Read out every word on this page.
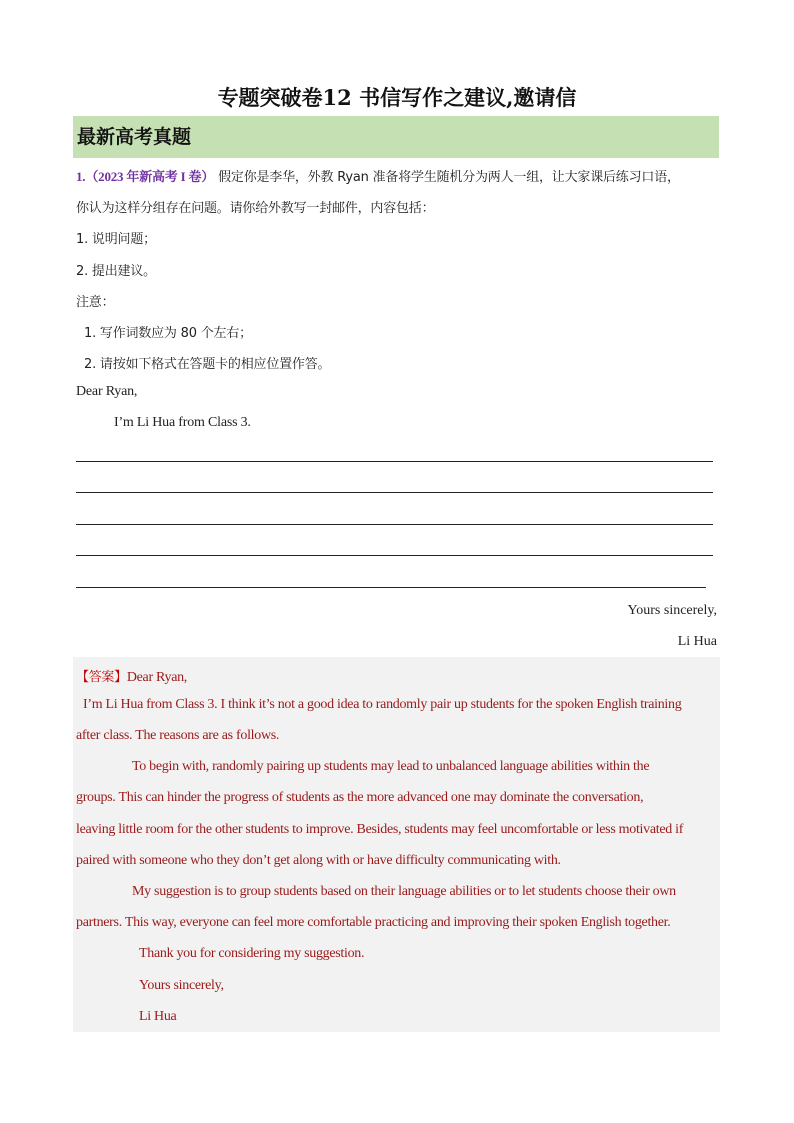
专题突破卷12 书信写作之建议,邀请信
最新高考真题
1.（2023 年新高考 I 卷） 假定你是李华，外教 Ryan 准备将学生随机分为两人一组，让大家课后练习口语，
你认为这样分组存在问题。请你给外教写一封邮件，内容包括：
1. 说明问题；
2. 提出建议。
注意：
1. 写作词数应为 80 个左右；
2. 请按如下格式在答题卡的相应位置作答。
Dear Ryan,
I’m Li Hua from Class 3.
Yours sincerely,
Li Hua
【答案】Dear Ryan,
I’m Li Hua from Class 3. I think it’s not a good idea to randomly pair up students for the spoken English training
after class. The reasons are as follows.
To begin with, randomly pairing up students may lead to unbalanced language abilities within the
groups. This can hinder the progress of students as the more advanced one may dominate the conversation,
leaving little room for the other students to improve. Besides, students may feel uncomfortable or less motivated if
paired with someone who they don’t get along with or have difficulty communicating with.
My suggestion is to group students based on their language abilities or to let students choose their own
partners. This way, everyone can feel more comfortable practicing and improving their spoken English together.
Thank you for considering my suggestion.
Yours sincerely,
Li Hua
